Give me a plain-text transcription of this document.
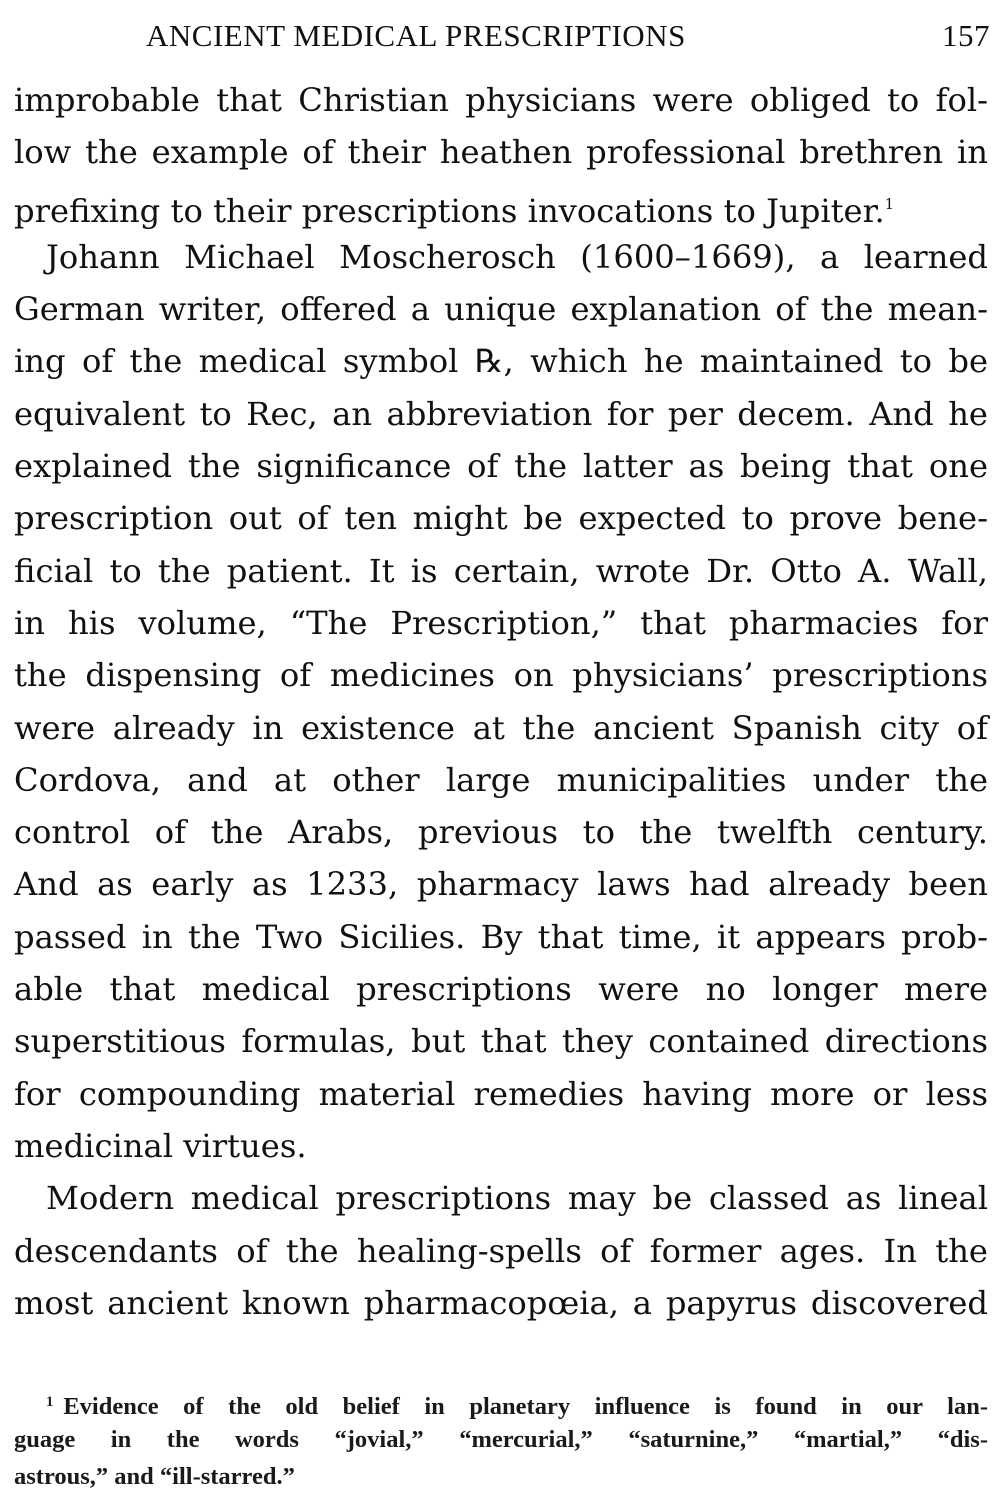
ANCIENT MEDICAL PRESCRIPTIONS	157
improbable that Christian physicians were obliged to fol-
low the example of their heathen professional brethren in
prefixing to their prescriptions invocations to Jupiter.$^1$
Johann Michael Moscherosch (1600–1669), a learned
German writer, offered a unique explanation of the mean-
ing of the medical symbol ℞, which he maintained to be
equivalent to Rec, an abbreviation for per decem. And he
explained the significance of the latter as being that one
prescription out of ten might be expected to prove bene-
ficial to the patient. It is certain, wrote Dr. Otto A. Wall,
in his volume, “The Prescription,” that pharmacies for
the dispensing of medicines on physicians’ prescriptions
were already in existence at the ancient Spanish city of
Cordova, and at other large municipalities under the
control of the Arabs, previous to the twelfth century.
And as early as 1233, pharmacy laws had already been
passed in the Two Sicilies. By that time, it appears prob-
able that medical prescriptions were no longer mere
superstitious formulas, but that they contained directions
for compounding material remedies having more or less
medicinal virtues.
Modern medical prescriptions may be classed as lineal
descendants of the healing-spells of former ages. In the
most ancient known pharmacopœia, a papyrus discovered
$^1$ Evidence of the old belief in planetary influence is found in our lan-
guage in the words “jovial,” “mercurial,” “saturnine,” “martial,” “dis-
astrous,” and “ill-starred.”
